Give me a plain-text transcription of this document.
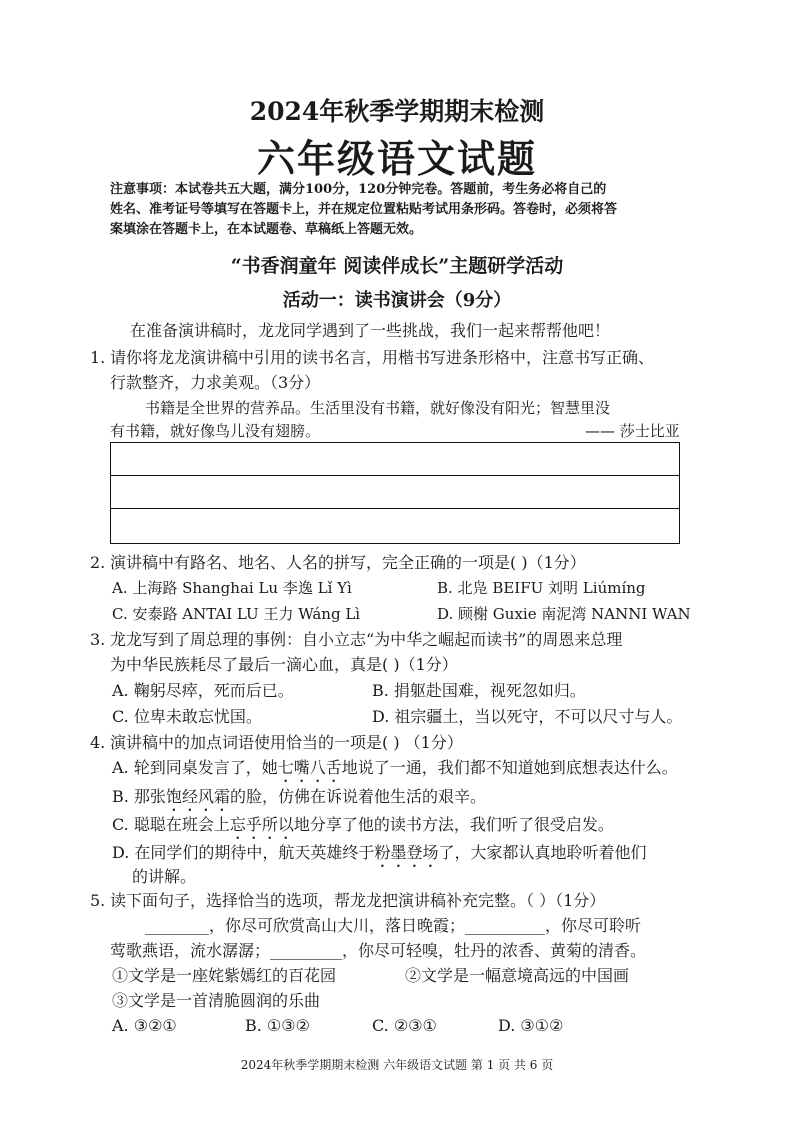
2024年秋季学期期末检测
六年级语文试题
注意事项：本试卷共五大题，满分100分，120分钟完卷。答题前，考生务必将自己的
姓名、准考证号等填写在答题卡上，并在规定位置粘贴考试用条形码。答卷时，必须将答
案填涂在答题卡上，在本试题卷、草稿纸上答题无效。
“书香润童年 阅读伴成长”主题研学活动
活动一：读书演讲会（9分）
在准备演讲稿时，龙龙同学遇到了一些挑战，我们一起来帮帮他吧！
1. 请你将龙龙演讲稿中引用的读书名言，用楷书写进条形格中，注意书写正确、
行款整齐，力求美观。（3分）
书籍是全世界的营养品。生活里没有书籍，就好像没有阳光；智慧里没
有书籍，就好像鸟儿没有翅膀。	—— 莎士比亚
2. 演讲稿中有路名、地名、人名的拼写，完全正确的一项是( )（1分）
A. 上海路 Shanghai Lu 李逸 Lǐ Yì	B. 北凫 BEIFU 刘明 Liúmíng
C. 安泰路 ANTAI LU 王力 Wáng Lì	D. 顾榭 Guxie 南泥湾 NANNI WAN
3. 龙龙写到了周总理的事例：自小立志“为中华之崛起而读书”的周恩来总理
为中华民族耗尽了最后一滴心血，真是( )（1分）
A. 鞠躬尽瘁，死而后已。	B. 捐躯赴国难，视死忽如归。
C. 位卑未敢忘忧国。	D. 祖宗疆土，当以死守，不可以尺寸与人。
4. 演讲稿中的加点词语使用恰当的一项是( ) （1分）
A. 轮到同桌发言了，她七嘴八舌地说了一通，我们都不知道她到底想表达什么。
B. 那张饱经风霜的脸，仿佛在诉说着他生活的艰辛。
C. 聪聪在班会上忘乎所以地分享了他的读书方法，我们听了很受启发。
D. 在同学们的期待中，航天英雄终于粉墨登场了，大家都认真地聆听着他们
的讲解。
5. 读下面句子，选择恰当的选项，帮龙龙把演讲稿补充完整。（ ）（1分）
________，你尽可欣赏高山大川，落日晚霞；__________，你尽可聆听
莺歌燕语，流水潺潺；_________，你尽可轻嗅，牡丹的浓香、黄菊的清香。
①文学是一座姹紫嫣红的百花园	②文学是一幅意境高远的中国画
③文学是一首清脆圆润的乐曲
A. ③②①	B. ①③②	C. ②③①	D. ③①②
2024年秋季学期期末检测 六年级语文试题 第 1 页 共 6 页
